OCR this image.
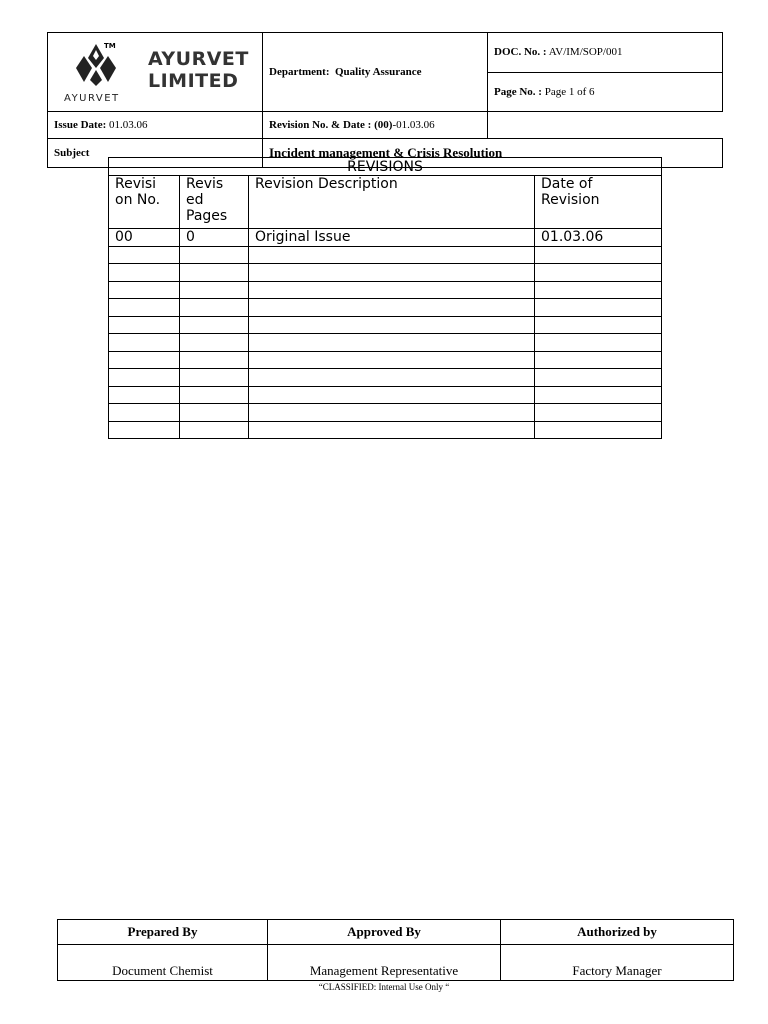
TM
AYURVET
LIMITED
AYURVET	Department: Quality Assurance	DOC. No. : AV/IM/SOP/001
		Page No. : Page 1 of 6
Issue Date: 01.03.06	Revision No. & Date : (00)-01.03.06	
Subject	Incident management & Crisis Resolution	
REVISIONS			
Revisi on No.	Revis ed Pages	Revision Description	Date of Revision
00	0	Original Issue	01.03.06

Prepared By	Approved By	Authorized by
Document Chemist	Management Representative	Factory Manager
“CLASSIFIED: Internal Use Only “
